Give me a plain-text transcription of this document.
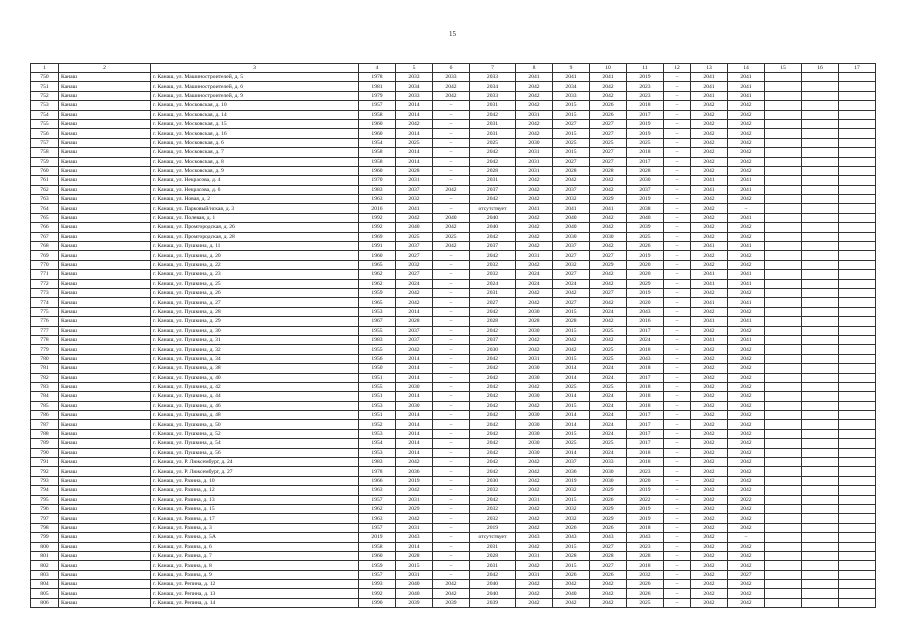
15
1	2	3	4	5	6	7	8	9	10	11	12	13	14	15	16	17
750	Канаш	г. Канаш, ул. Машиностроителей, д. 5	1978	2033	2033	2033	2041	2041	2041	2019	–	2041	2041			
751	Канаш	г. Канаш, ул. Машиностроителей, д. 6	1981	2034	2042	2034	2042	2034	2042	2023	–	2041	2041			
752	Канаш	г. Канаш, ул. Машиностроителей, д. 9	1979	2033	2042	2033	2042	2033	2042	2023	–	2041	2041			
753	Канаш	г. Канаш, ул. Московская, д. 10	1957	2014	–	2031	2042	2015	2026	2018	–	2042	2042			
754	Канаш	г. Канаш, ул. Московская, д. 14	1958	2014	–	2042	2031	2015	2026	2017	–	2042	2042			
755	Канаш	г. Канаш, ул. Московская, д. 15	1960	2042	–	2031	2042	2027	2027	2019	–	2042	2042			
756	Канаш	г. Канаш, ул. Московская, д. 16	1960	2014	–	2031	2042	2015	2027	2019	–	2042	2042			
757	Канаш	г. Канаш, ул. Московская, д. 6	1954	2025	–	2025	2030	2025	2025	2025	–	2042	2042			
758	Канаш	г. Канаш, ул. Московская, д. 7	1958	2014	–	2042	2031	2015	2027	2018	–	2042	2042			
759	Канаш	г. Канаш, ул. Московская, д. 8	1958	2014	–	2042	2031	2027	2027	2017	–	2042	2042			
760	Канаш	г. Канаш, ул. Московская, д. 9	1960	2028	–	2028	2031	2028	2028	2028	–	2042	2042			
761	Канаш	г. Канаш, ул. Некрасова, д. 4	1970	2031	–	2031	2042	2042	2042	2030	–	2041	2041			
762	Канаш	г. Канаш, ул. Некрасова, д. 6	1983	2037	2042	2037	2042	2037	2042	2037	–	2041	2041			
763	Канаш	г. Канаш, ул. Новая, д. 2	1963	2032	–	2042	2042	2032	2029	2019	–	2042	2042			
764	Канаш	г. Канаш, ул. Парковый/иская, д. 3	2016	2041	–	отсутствует	2041	2041	2041	2038	–	2042	–			
765	Канаш	г. Канаш, ул. Полевая, д. 1	1992	2042	2040	2040	2042	2040	2042	2040	–	2042	2041			
766	Канаш	г. Канаш, ул. Промгородская, д. 26	1992	2040	2042	2040	2042	2040	2042	2039	–	2042	2042			
767	Канаш	г. Канаш, ул. Промгородская, д. 28	1969	2025	2025	2042	2042	2030	2030	2025	–	2042	2042			
768	Канаш	г. Канаш, ул. Пушкина, д. 11	1991	2037	2042	2037	2042	2037	2042	2026	–	2041	2041			
769	Канаш	г. Канаш, ул. Пушкина, д. 20	1960	2027	–	2042	2031	2027	2027	2019	–	2042	2042			
770	Канаш	г. Канаш, ул. Пушкина, д. 22	1965	2032	–	2032	2042	2032	2029	2020	–	2042	2042			
771	Канаш	г. Канаш, ул. Пушкина, д. 23	1962	2027	–	2032	2024	2027	2042	2020	–	2041	2041			
772	Канаш	г. Канаш, ул. Пушкина, д. 25	1962	2024	–	2024	2024	2024	2042	2029	–	2041	2041			
773	Канаш	г. Канаш, ул. Пушкина, д. 26	1959	2042	–	2031	2042	2042	2027	2019	–	2042	2042			
774	Канаш	г. Канаш, ул. Пушкина, д. 27	1965	2042	–	2027	2042	2027	2042	2020	–	2041	2041			
775	Канаш	г. Канаш, ул. Пушкина, д. 28	1953	2014	–	2042	2030	2015	2024	2043	–	2042	2042			
776	Канаш	г. Канаш, ул. Пушкина, д. 29	1967	2028	–	2028	2028	2028	2042	2016	–	2041	2041			
777	Канаш	г. Канаш, ул. Пушкина, д. 30	1955	2037	–	2042	2030	2015	2025	2017	–	2042	2042			
778	Канаш	г. Канаш, ул. Пушкина, д. 31	1983	2037	–	2037	2042	2042	2042	2024	–	2041	2041			
779	Канаш	г. Канаш, ул. Пушкина, д. 32	1955	2042	–	2030	2042	2042	2025	2018	–	2042	2042			
780	Канаш	г. Канаш, ул. Пушкина, д. 34	1956	2014	–	2042	2031	2015	2025	2043	–	2042	2042			
781	Канаш	г. Канаш, ул. Пушкина, д. 38	1950	2014	–	2042	2030	2014	2024	2018	–	2042	2042			
782	Канаш	г. Канаш, ул. Пушкина, д. 40	1951	2014	–	2042	2030	2014	2024	2017	–	2042	2042			
783	Канаш	г. Канаш, ул. Пушкина, д. 42	1955	2030	–	2042	2042	2025	2025	2018	–	2042	2042			
784	Канаш	г. Канаш, ул. Пушкина, д. 44	1951	2014	–	2042	2030	2014	2024	2018	–	2042	2042			
785	Канаш	г. Канаш, ул. Пушкина, д. 46	1953	2030	–	2042	2042	2015	2024	2018	–	2042	2042			
786	Канаш	г. Канаш, ул. Пушкина, д. 48	1951	2014	–	2042	2030	2014	2024	2017	–	2042	2042			
787	Канаш	г. Канаш, ул. Пушкина, д. 50	1952	2014	–	2042	2030	2014	2024	2017	–	2042	2042			
788	Канаш	г. Канаш, ул. Пушкина, д. 52	1953	2014	–	2042	2030	2015	2024	2017	–	2042	2042			
789	Канаш	г. Канаш, ул. Пушкина, д. 54	1954	2014	–	2042	2030	2025	2025	2017	–	2042	2042			
790	Канаш	г. Канаш, ул. Пушкина, д. 56	1953	2014	–	2042	2030	2014	2024	2018	–	2042	2042			
791	Канаш	г. Канаш, ул. Р. Люксембург, д. 24	1983	2042	–	2042	2042	2037	2033	2018	–	2042	2042			
792	Канаш	г. Канаш, ул. Р. Люксембург, д. 27	1978	2036	–	2042	2042	2036	2030	2023	–	2042	2042			
793	Канаш	г. Канаш, ул. Разина, д. 10	1966	2019	–	2030	2042	2019	2030	2020	–	2042	2042			
794	Канаш	г. Канаш, ул. Разина, д. 12	1963	2042	–	2032	2042	2032	2029	2019	–	2042	2042			
795	Канаш	г. Канаш, ул. Разина, д. 13	1957	2031	–	2042	2031	2015	2026	2022	–	2042	2022			
796	Канаш	г. Канаш, ул. Разина, д. 15	1962	2029	–	2032	2042	2032	2029	2019	–	2042	2042			
797	Канаш	г. Канаш, ул. Разина, д. 17	1963	2042	–	2032	2042	2032	2029	2019	–	2042	2042			
798	Канаш	г. Канаш, ул. Разина, д. 3	1957	2031	–	2019	2042	2026	2026	2018	–	2042	2042			
799	Канаш	г. Канаш, ул. Разина, д. 5А	2019	2043	–	отсутствует	2043	2043	2043	2043	–	2042	–			
800	Канаш	г. Канаш, ул. Разина, д. 6	1958	2014	–	2031	2042	2015	2027	2023	–	2042	2042			
801	Канаш	г. Канаш, ул. Разина, д. 7	1960	2028	–	2028	2031	2028	2028	2028	–	2042	2042			
802	Канаш	г. Канаш, ул. Разина, д. 8	1959	2015	–	2031	2042	2015	2027	2018	–	2042	2042			
803	Канаш	г. Канаш, ул. Разина, д. 9	1957	2031	–	2042	2031	2026	2026	2032	–	2042	2027			
804	Канаш	г. Канаш, ул. Репина, д. 12	1993	2040	2042	2040	2042	2042	2042	2026	–	2042	2042			
805	Канаш	г. Канаш, ул. Репина, д. 13	1992	2040	2042	2040	2042	2040	2042	2026	–	2042	2042			
806	Канаш	г. Канаш, ул. Репина, д. 14	1990	2039	2039	2039	2042	2042	2042	2025	–	2042	2042			
